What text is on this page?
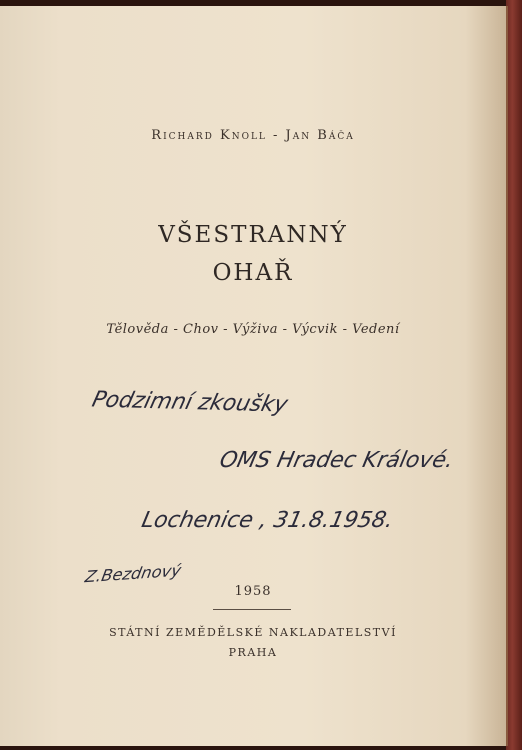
Richard Knoll - Jan Báča

VŠESTRANNÝ
OHAŘ

Tělověda - Chov - Výživa - Výcvik - Vedení

Podzimní zkoušky

OMS Hradec Králové.

Lochenice , 31.8.1958.

Z.Bezdnový

1958

STÁTNÍ ZEMĚDĚLSKÉ NAKLADATELSTVÍ

PRAHA
